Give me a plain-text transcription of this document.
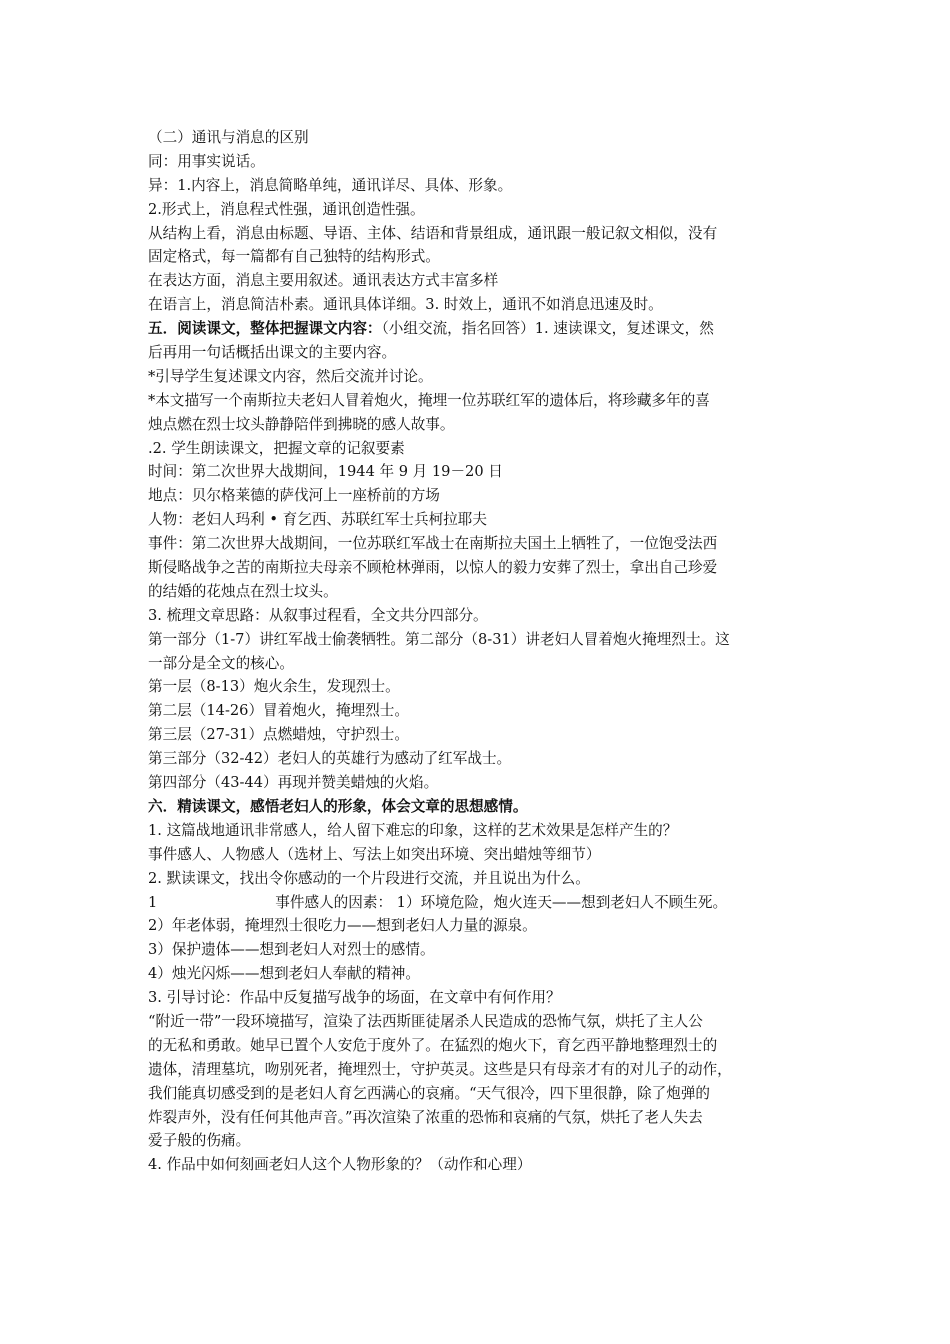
（二）通讯与消息的区别
同：用事实说话。
异：1.内容上，消息简略单纯，通讯详尽、具体、形象。
2.形式上，消息程式性强，通讯创造性强。
从结构上看，消息由标题、导语、主体、结语和背景组成，通讯跟一般记叙文相似，没有
固定格式，每一篇都有自己独特的结构形式。
在表达方面，消息主要用叙述。通讯表达方式丰富多样
在语言上，消息简洁朴素。通讯具体详细。3. 时效上，通讯不如消息迅速及时。
五．阅读课文，整体把握课文内容：（小组交流，指名回答）1. 速读课文，复述课文，然
后再用一句话概括出课文的主要内容。
*引导学生复述课文内容，然后交流并讨论。
*本文描写一个南斯拉夫老妇人冒着炮火，掩埋一位苏联红军的遗体后，将珍藏多年的喜
烛点燃在烈士坟头静静陪伴到拂晓的感人故事。
.2. 学生朗读课文，把握文章的记叙要素
时间：第二次世界大战期间，1944 年 9 月 19－20 日
地点：贝尔格莱德的萨伐河上一座桥前的方场
人物：老妇人玛利 • 育乞西、苏联红军士兵柯拉耶夫
事件：第二次世界大战期间，一位苏联红军战士在南斯拉夫国土上牺牲了，一位饱受法西
斯侵略战争之苦的南斯拉夫母亲不顾枪林弹雨，以惊人的毅力安葬了烈士，拿出自己珍爱
的结婚的花烛点在烈士坟头。
3. 梳理文章思路：从叙事过程看，全文共分四部分。
第一部分（1-7）讲红军战士偷袭牺牲。第二部分（8-31）讲老妇人冒着炮火掩埋烈士。这
一部分是全文的核心。
第一层（8-13）炮火余生，发现烈士。
第二层（14-26）冒着炮火，掩埋烈士。
第三层（27-31）点燃蜡烛，守护烈士。
第三部分（32-42）老妇人的英雄行为感动了红军战士。
第四部分（43-44）再现并赞美蜡烛的火焰。
六．精读课文，感悟老妇人的形象，体会文章的思想感情。
1. 这篇战地通讯非常感人，给人留下难忘的印象，这样的艺术效果是怎样产生的？
事件感人、人物感人（选材上、写法上如突出环境、突出蜡烛等细节）
2. 默读课文，找出令你感动的一个片段进行交流，并且说出为什么。
1	事件感人的因素： 1）环境危险，炮火连天——想到老妇人不顾生死。
2）年老体弱，掩埋烈士很吃力——想到老妇人力量的源泉。
3）保护遗体——想到老妇人对烈士的感情。
4）烛光闪烁——想到老妇人奉献的精神。
3. 引导讨论：作品中反复描写战争的场面，在文章中有何作用？
“附近一带”一段环境描写，渲染了法西斯匪徒屠杀人民造成的恐怖气氛，烘托了主人公
的无私和勇敢。她早已置个人安危于度外了。在猛烈的炮火下，育乞西平静地整理烈士的
遗体，清理墓坑，吻别死者，掩埋烈士，守护英灵。这些是只有母亲才有的对儿子的动作，
我们能真切感受到的是老妇人育乞西满心的哀痛。“天气很冷，四下里很静，除了炮弹的
炸裂声外，没有任何其他声音。”再次渲染了浓重的恐怖和哀痛的气氛，烘托了老人失去
爱子般的伤痛。
4. 作品中如何刻画老妇人这个人物形象的？（动作和心理）
